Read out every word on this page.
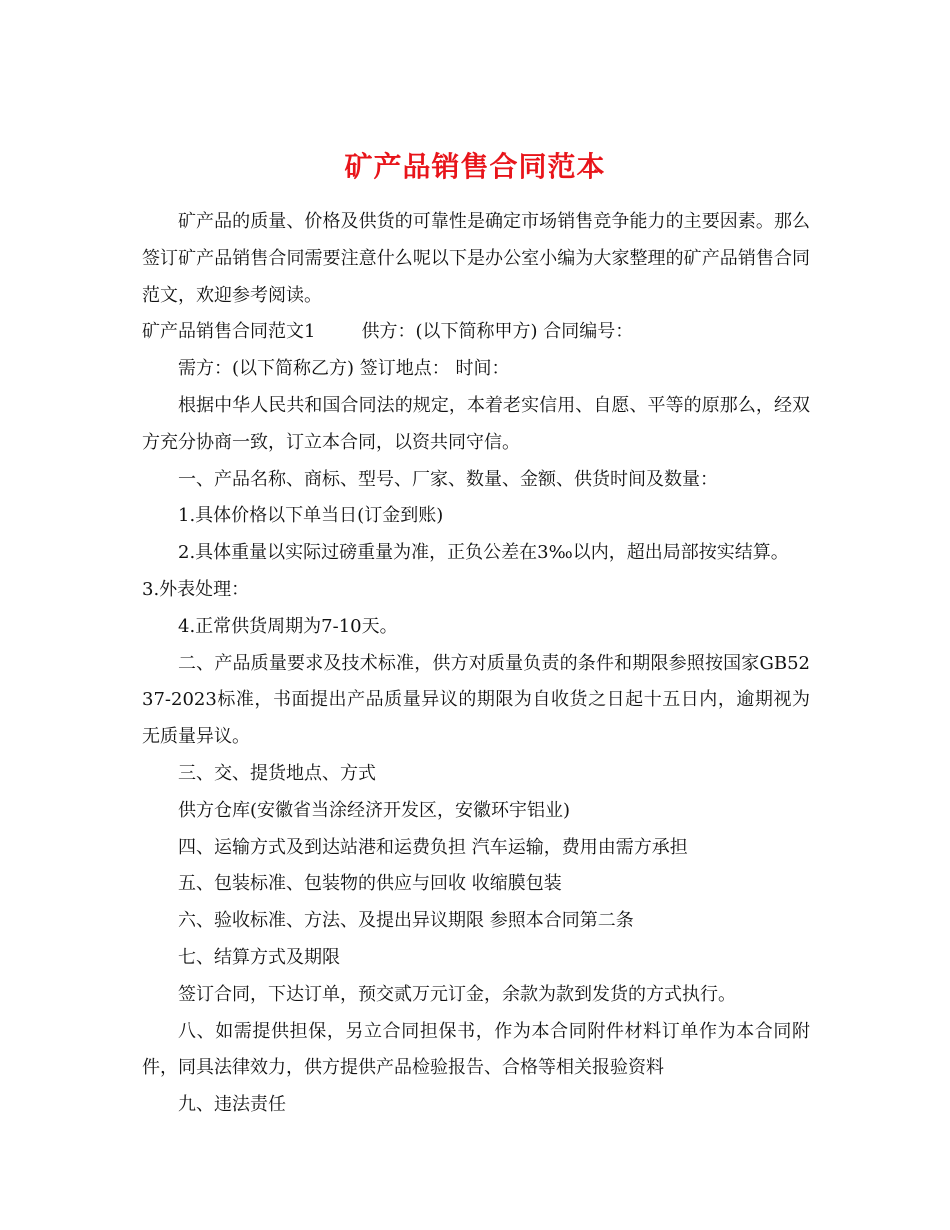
矿产品销售合同范本

矿产品的质量、价格及供货的可靠性是确定市场销售竞争能力的主要因素。那么签订矿产品销售合同需要注意什么呢以下是办公室小编为大家整理的矿产品销售合同范文，欢迎参考阅读。

矿产品销售合同范文1	供方：(以下简称甲方) 合同编号：

需方：(以下简称乙方) 签订地点： 时间：

根据中华人民共和国合同法的规定，本着老实信用、自愿、平等的原那么，经双方充分协商一致，订立本合同，以资共同守信。

一、产品名称、商标、型号、厂家、数量、金额、供货时间及数量：

1.具体价格以下单当日(订金到账)

2.具体重量以实际过磅重量为准，正负公差在3‰以内，超出局部按实结算。

3.外表处理：

4.正常供货周期为7-10天。

二、产品质量要求及技术标准，供方对质量负责的条件和期限参照按国家GB5237-2023标准，书面提出产品质量异议的期限为自收货之日起十五日内，逾期视为无质量异议。

三、交、提货地点、方式

供方仓库(安徽省当涂经济开发区，安徽环宇铝业)

四、运输方式及到达站港和运费负担 汽车运输，费用由需方承担

五、包装标准、包装物的供应与回收 收缩膜包装

六、验收标准、方法、及提出异议期限 参照本合同第二条

七、结算方式及期限

签订合同，下达订单，预交贰万元订金，余款为款到发货的方式执行。

八、如需提供担保，另立合同担保书，作为本合同附件材料订单作为本合同附件，同具法律效力，供方提供产品检验报告、合格等相关报验资料

九、违法责任
